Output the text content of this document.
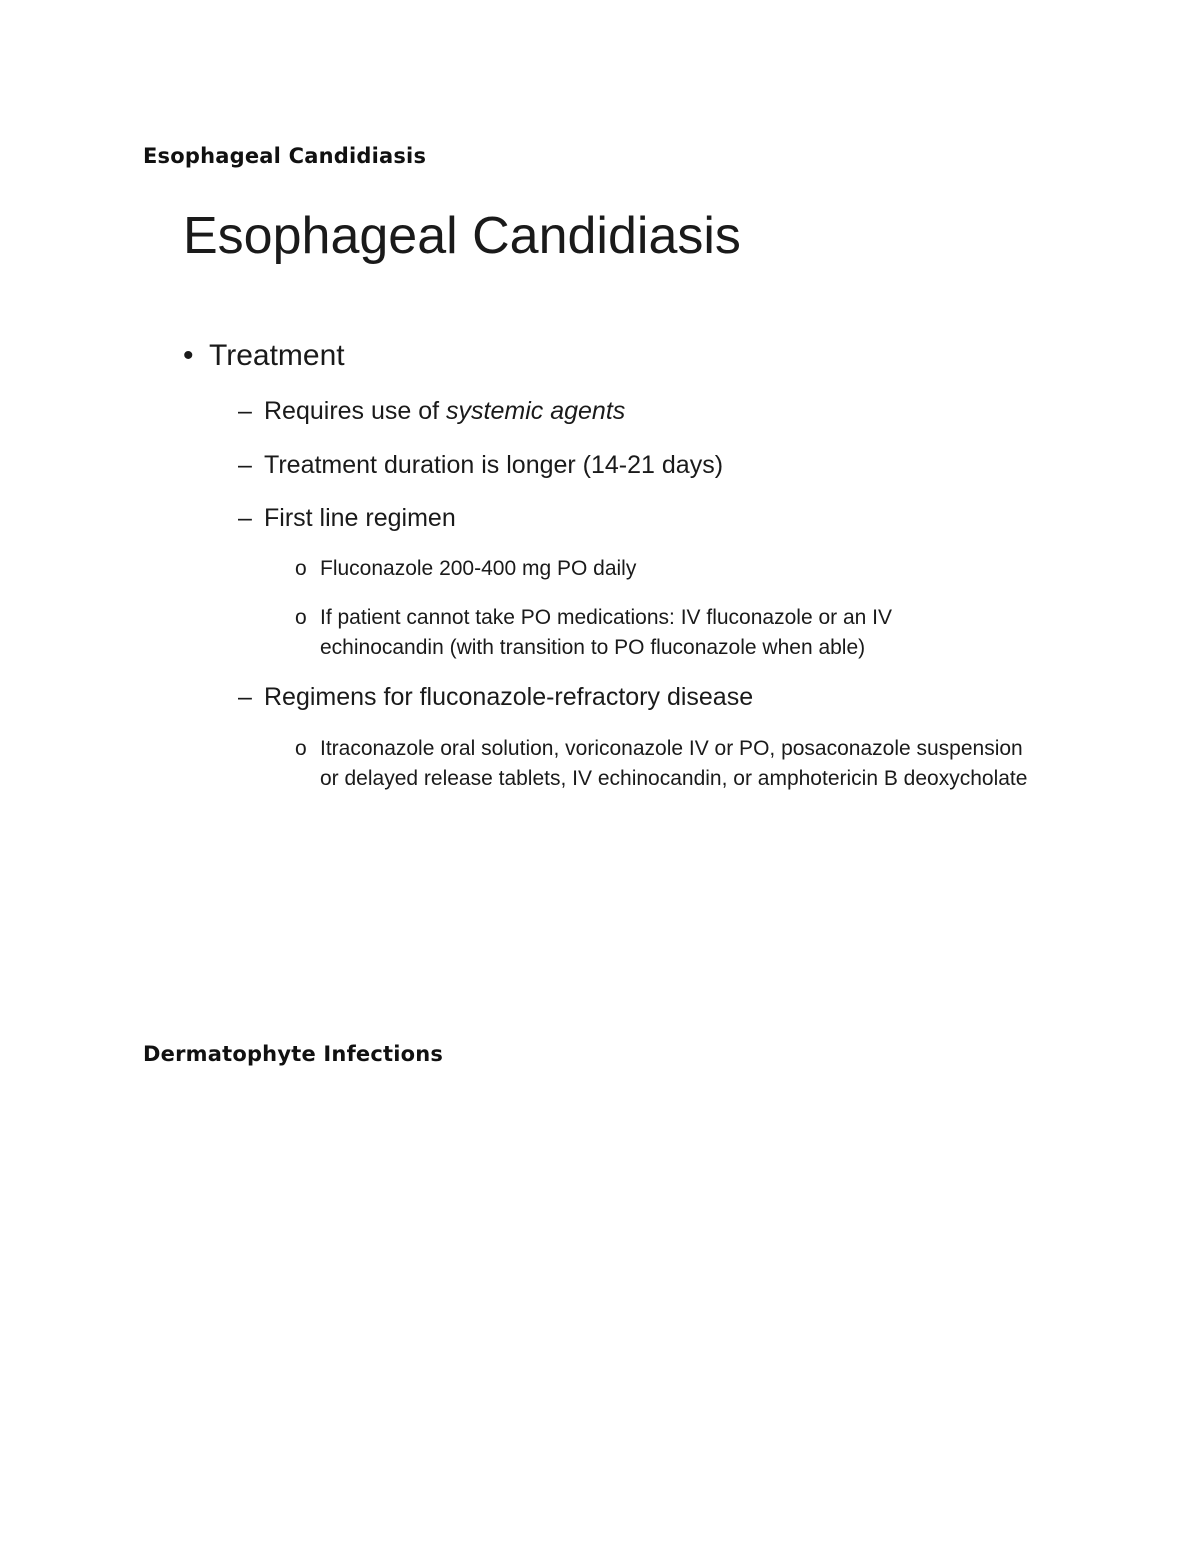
Esophageal Candidiasis
Esophageal Candidiasis
• Treatment
– Requires use of systemic agents
– Treatment duration is longer (14-21 days)
– First line regimen
o Fluconazole 200-400 mg PO daily
o If patient cannot take PO medications: IV fluconazole or an IV echinocandin (with transition to PO fluconazole when able)
– Regimens for fluconazole-refractory disease
o Itraconazole oral solution, voriconazole IV or PO, posaconazole suspension or delayed release tablets, IV echinocandin, or amphotericin B deoxycholate
Dermatophyte Infections
